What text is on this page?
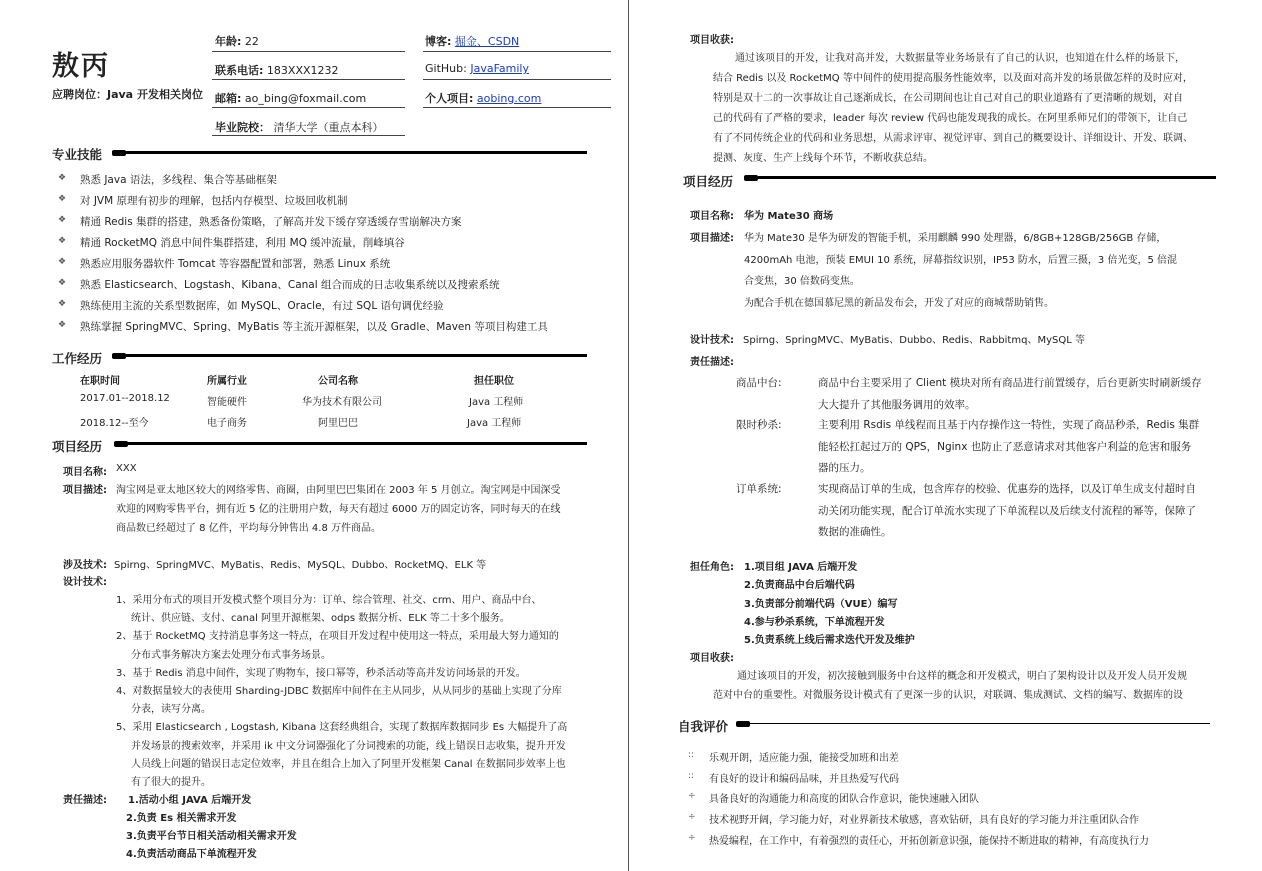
敖丙
应聘岗位：Java 开发相关岗位
年龄: 22	博客: 掘金、CSDN
联系电话: 183XXX1232	GitHub: JavaFamily
邮箱: ao_bing@foxmail.com	个人项目: aobing.com
毕业院校： 清华大学（重点本科）
专业技能
❖ 熟悉 Java 语法，多线程、集合等基础框架
❖ 对 JVM 原理有初步的理解，包括内存模型、垃圾回收机制
❖ 精通 Redis 集群的搭建，熟悉备份策略，了解高并发下缓存穿透缓存雪崩解决方案
❖ 精通 RocketMQ 消息中间件集群搭建，利用 MQ 缓冲流量，削峰填谷
❖ 熟悉应用服务器软件 Tomcat 等容器配置和部署，熟悉 Linux 系统
❖ 熟悉 Elasticsearch、Logstash、Kibana、Canal 组合而成的日志收集系统以及搜索系统
❖ 熟练使用主流的关系型数据库，如 MySQL、Oracle，有过 SQL 语句调优经验
❖ 熟练掌握 SpringMVC、Spring、MyBatis 等主流开源框架，以及 Gradle、Maven 等项目构建工具
工作经历
在职时间	所属行业	公司名称	担任职位
2017.01--2018.12	智能硬件	华为技术有限公司	Java 工程师
2018.12--至今	电子商务	阿里巴巴	Java 工程师
项目经历
项目名称: XXX
项目描述: 淘宝网是亚太地区较大的网络零售、商圈，由阿里巴巴集团在 2003 年 5 月创立。淘宝网是中国深受
欢迎的网购零售平台，拥有近 5 亿的注册用户数，每天有超过 6000 万的固定访客，同时每天的在线
商品数已经超过了 8 亿件，平均每分钟售出 4.8 万件商品。
涉及技术: Spirng、SpringMVC、MyBatis、Redis、MySQL、Dubbo、RocketMQ、ELK 等
设计技术:
1、采用分布式的项目开发模式整个项目分为：订单、综合管理、社交、crm、用户、商品中台、
统计、供应链、支付、canal 阿里开源框架、odps 数据分析、ELK 等二十多个服务。
2、基于 RocketMQ 支持消息事务这一特点，在项目开发过程中使用这一特点，采用最大努力通知的
分布式事务解决方案去处理分布式事务场景。
3、基于 Redis 消息中间件，实现了购物车，接口幂等，秒杀活动等高并发访问场景的开发。
4、对数据量较大的表使用 Sharding-JDBC 数据库中间件在主从同步，从从同步的基础上实现了分库
分表，读写分离。
5、采用 Elasticsearch , Logstash, Kibana 这套经典组合，实现了数据库数据同步 Es 大幅提升了高
并发场景的搜索效率，并采用 ik 中文分词器强化了分词搜索的功能，线上错误日志收集，提升开发
人员线上问题的错误日志定位效率，并且在组合上加入了阿里开发框架 Canal 在数据同步效率上也
有了很大的提升。
责任描述: 1.活动小组 JAVA 后端开发
2.负责 Es 相关需求开发
3.负责平台节日相关活动相关需求开发
4.负责活动商品下单流程开发
项目收获:
通过该项目的开发，让我对高并发，大数据量等业务场景有了自己的认识，也知道在什么样的场景下，
结合 Redis 以及 RocketMQ 等中间件的使用提高服务性能效率，以及面对高并发的场景做怎样的及时应对，
特别是双十二的一次事故让自己逐渐成长，在公司期间也让自己对自己的职业道路有了更清晰的规划，对自
己的代码有了严格的要求，leader 每次 review 代码也能发现我的成长。在阿里系师兄们的带领下，让自己
有了不同传统企业的代码和业务思想，从需求评审、视觉评审、到自己的概要设计、详细设计、开发、联调、
提测、灰度、生产上线每个环节，不断收获总结。
项目经历
项目名称: 华为 Mate30 商场
项目描述: 华为 Mate30 是华为研发的智能手机，采用麒麟 990 处理器，6/8GB+128GB/256GB 存储，
4200mAh 电池，预装 EMUI 10 系统，屏幕指纹识别，IP53 防水，后置三摄，3 倍光变，5 倍混
合变焦，30 倍数码变焦。
为配合手机在德国慕尼黑的新品发布会，开发了对应的商城帮助销售。
设计技术: Spirng、SpringMVC、MyBatis、Dubbo、Redis、Rabbitmq、MySQL 等
责任描述:
商品中台:	商品中台主要采用了 Client 模块对所有商品进行前置缓存，后台更新实时刷新缓存
大大提升了其他服务调用的效率。
限时秒杀:	主要利用 Rsdis 单线程而且基于内存操作这一特性，实现了商品秒杀，Redis 集群
能轻松扛起过万的 QPS，Nginx 也防止了恶意请求对其他客户利益的危害和服务
器的压力。
订单系统:	实现商品订单的生成，包含库存的校验、优惠券的选择，以及订单生成支付超时自
动关闭功能实现，配合订单流水实现了下单流程以及后续支付流程的幂等，保障了
数据的准确性。
担任角色: 1.项目组 JAVA 后端开发
2.负责商品中台后端代码
3.负责部分前端代码（VUE）编写
4.参与秒杀系统，下单流程开发
5.负责系统上线后需求迭代开发及维护
项目收获:
通过该项目的开发，初次接触到服务中台这样的概念和开发模式，明白了架构设计以及开发人员开发规
范对中台的重要性。对微服务设计模式有了更深一步的认识，对联调、集成测试、文档的编写、数据库的设
自我评价
:: 乐观开朗，适应能力强，能接受加班和出差
:: 有良好的设计和编码品味，并且热爱写代码
÷ 具备良好的沟通能力和高度的团队合作意识，能快速融入团队
÷ 技术视野开阔，学习能力好，对业界新技术敏感，喜欢钻研，具有良好的学习能力并注重团队合作
÷ 热爱编程，在工作中，有着强烈的责任心，开拓创新意识强，能保持不断进取的精神，有高度执行力
